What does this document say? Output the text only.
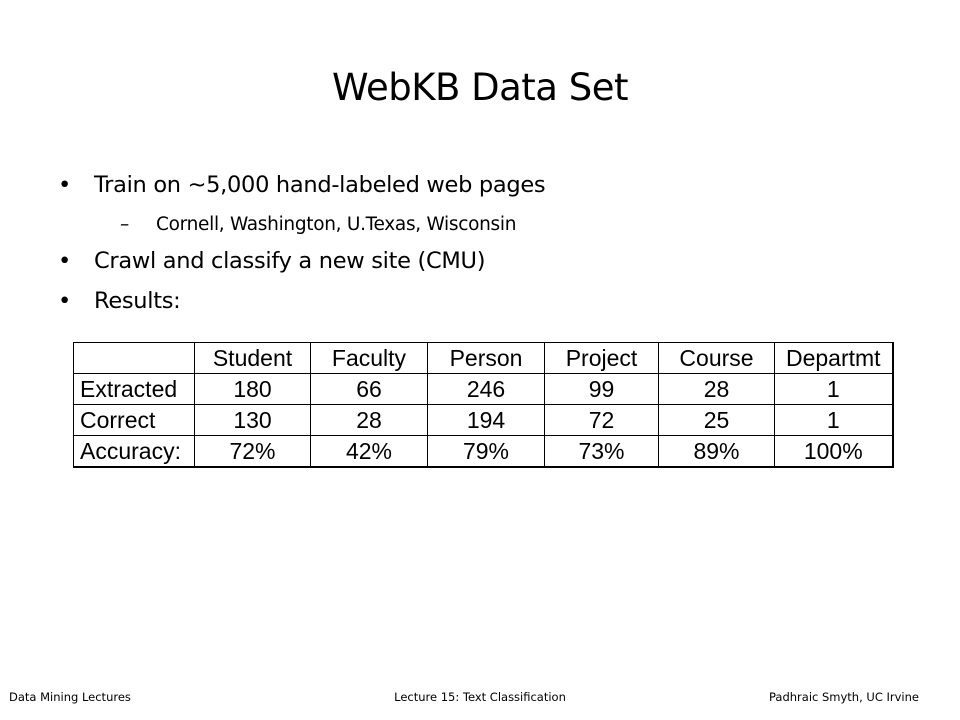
WebKB Data Set
• Train on ~5,000 hand-labeled web pages
– Cornell, Washington, U.Texas, Wisconsin
• Crawl and classify a new site (CMU)
• Results:
	Student	Faculty	Person	Project	Course	Departmt
Extracted	180	66	246	99	28	1
Correct	130	28	194	72	25	1
Accuracy:	72%	42%	79%	73%	89%	100%
Data Mining Lectures	Lecture 15: Text Classification	Padhraic Smyth, UC Irvine
